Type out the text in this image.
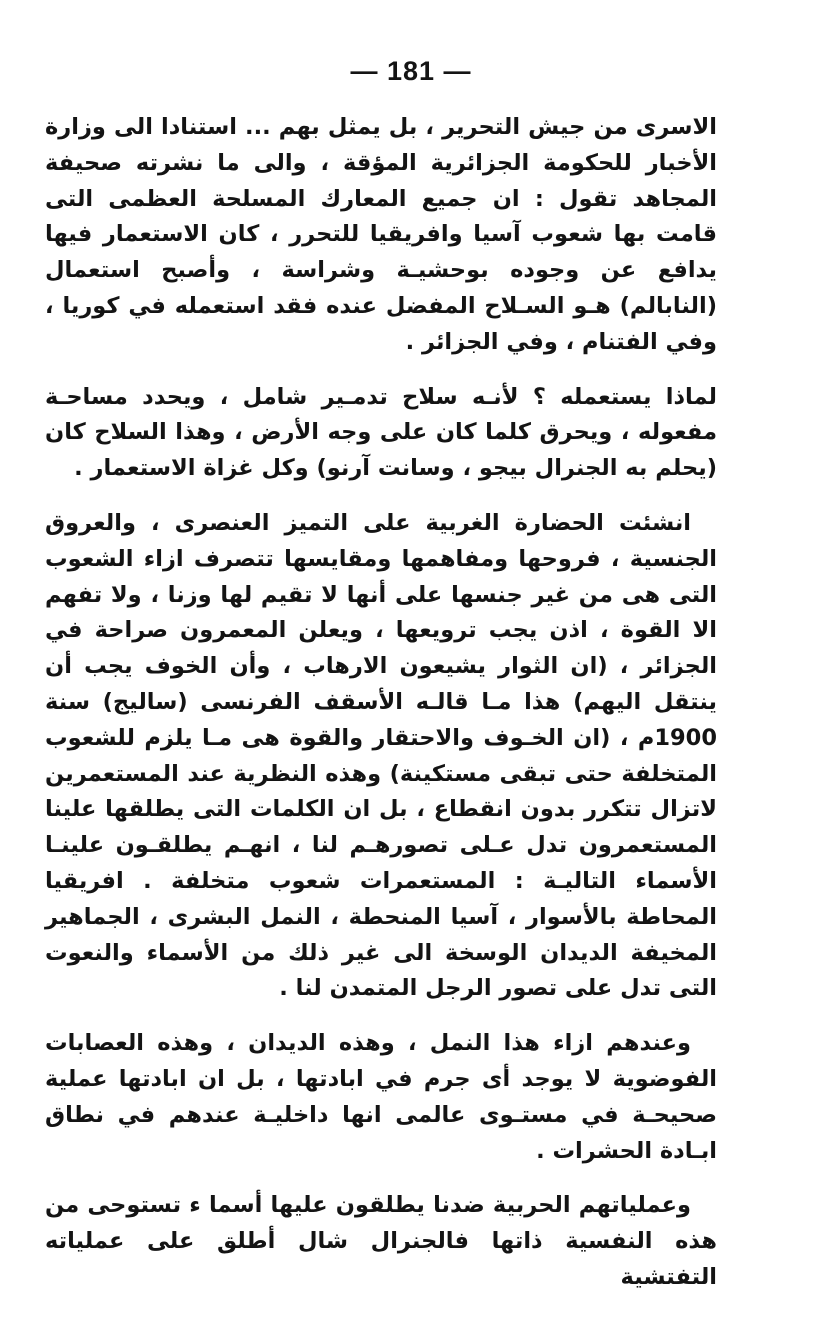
— 181 —

الاسرى من جيش التحرير ، بل يمثل بهم ... استنادا الى وزارة الأخبار للحكومة الجزائرية المؤقة ، والى ما نشرته صحيفة المجاهد تقول : ان جميع المعارك المسلحة العظمى التى قامت بها شعوب آسيا وافريقيا للتحرر ، كان الاستعمار فيها يدافع عن وجوده بوحشيـة وشراسة ، وأصبح استعمال (النابالم) هـو السـلاح المفضل عنده فقد استعمله في كوريا ، وفي الفتنام ، وفي الجزائر .

لماذا يستعمله ؟ لأنـه سلاح تدمـير شامل ، ويحدد مساحـة مفعوله ، ويحرق كلما كان على وجه الأرض ، وهذا السلاح كان (يحلم به الجنرال بيجو ، وسانت آرنو) وكل غزاة الاستعمار .

انشئت الحضارة الغربية على التميز العنصرى ، والعروق الجنسية ، فروحها ومفاهمها ومقايسها تتصرف ازاء الشعوب التى هى من غير جنسها على أنها لا تقيم لها وزنا ، ولا تفهم الا القوة ، اذن يجب ترويعها ، ويعلن المعمرون صراحة في الجزائر ، (ان الثوار يشيعون الارهاب ، وأن الخوف يجب أن ينتقل اليهم) هذا مـا قالـه الأسقف الفرنسى (ساليج) سنة 1900م ، (ان الخـوف والاحتقار والقوة هى مـا يلزم للشعوب المتخلفة حتى تبقى مستكينة) وهذه النظرية عند المستعمرين لاتزال تتكرر بدون انقطاع ، بل ان الكلمات التى يطلقها علينا المستعمرون تدل عـلى تصورهـم لنا ، انهـم يطلقـون علينـا الأسماء التاليـة : المستعمرات شعوب متخلفة . افريقيا المحاطة بالأسوار ، آسيا المنحطة ، النمل البشرى ، الجماهير المخيفة الديدان الوسخة الى غير ذلك من الأسماء والنعوت التى تدل على تصور الرجل المتمدن لنا .

وعندهم ازاء هذا النمل ، وهذه الديدان ، وهذه العصابات الفوضوية لا يوجد أى جرم في ابادتها ، بل ان ابادتها عملية صحيحـة في مستـوى عالمى انها داخليـة عندهم في نطاق ابـادة الحشرات .

وعملياتهم الحربية ضدنا يطلقون عليها أسما ء تستوحى من هذه النفسية ذاتها فالجنرال شال أطلق على عملياته التفتشية
